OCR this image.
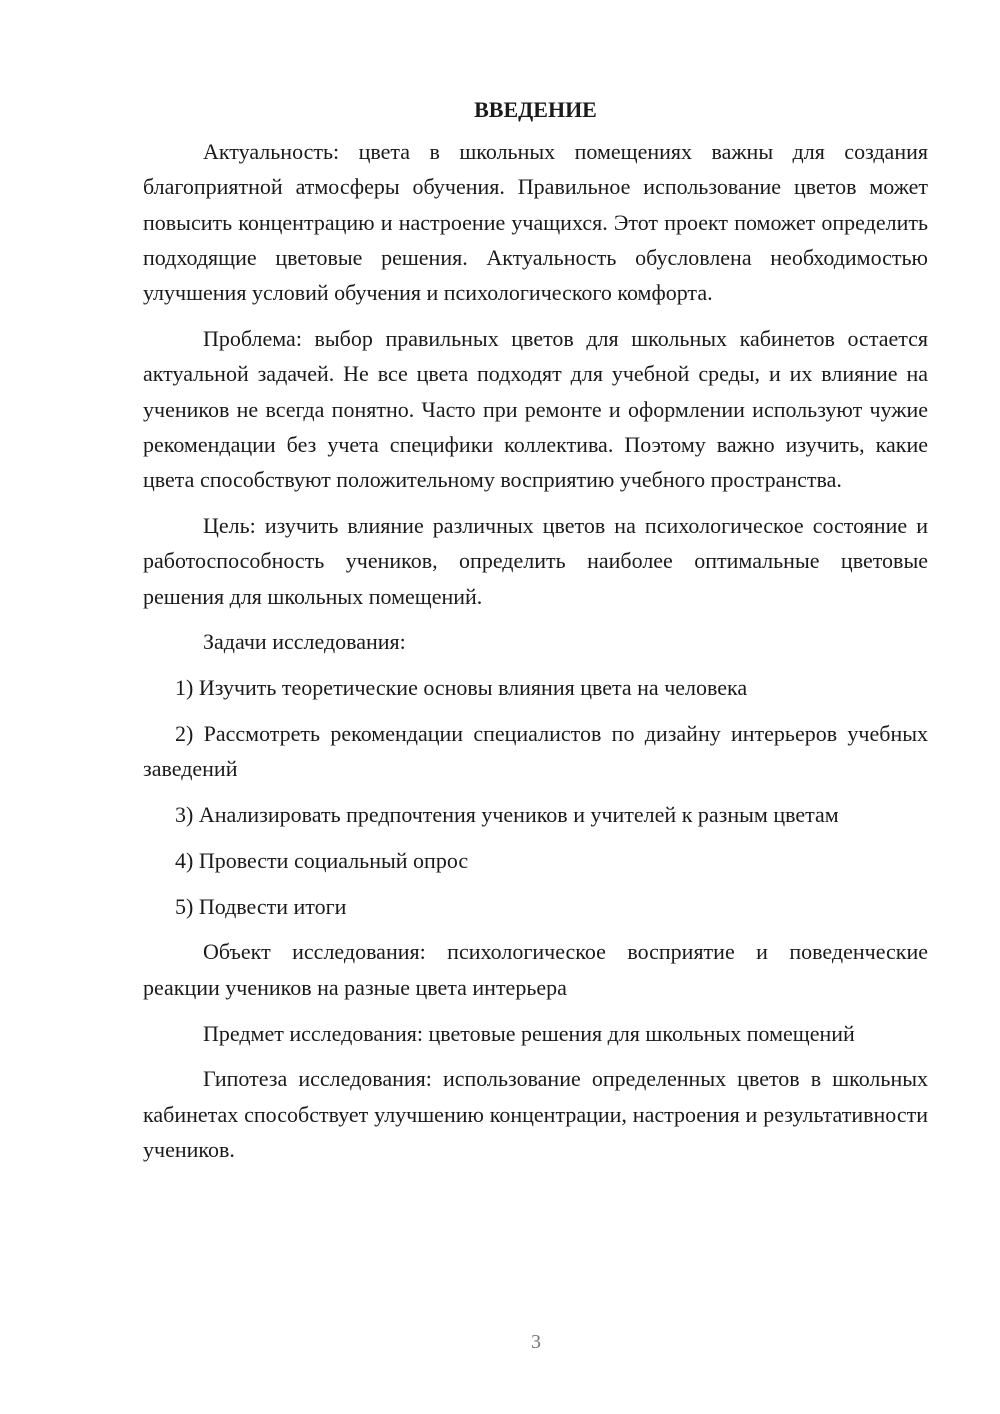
ВВЕДЕНИЕ

Актуальность: цвета в школьных помещениях важны для создания благоприятной атмосферы обучения. Правильное использование цветов может повысить концентрацию и настроение учащихся. Этот проект поможет определить подходящие цветовые решения. Актуальность обусловлена необходимостью улучшения условий обучения и психологического комфорта.

Проблема: выбор правильных цветов для школьных кабинетов остается актуальной задачей. Не все цвета подходят для учебной среды, и их влияние на учеников не всегда понятно. Часто при ремонте и оформлении используют чужие рекомендации без учета специфики коллектива. Поэтому важно изучить, какие цвета способствуют положительному восприятию учебного пространства.

Цель: изучить влияние различных цветов на психологическое состояние и работоспособность учеников, определить наиболее оптимальные цветовые решения для школьных помещений.

Задачи исследования:

1) Изучить теоретические основы влияния цвета на человека

2) Рассмотреть рекомендации специалистов по дизайну интерьеров учебных заведений

3) Анализировать предпочтения учеников и учителей к разным цветам

4) Провести социальный опрос

5) Подвести итоги

Объект исследования: психологическое восприятие и поведенческие реакции учеников на разные цвета интерьера

Предмет исследования: цветовые решения для школьных помещений

Гипотеза исследования: использование определенных цветов в школьных кабинетах способствует улучшению концентрации, настроения и результативности учеников.

3
